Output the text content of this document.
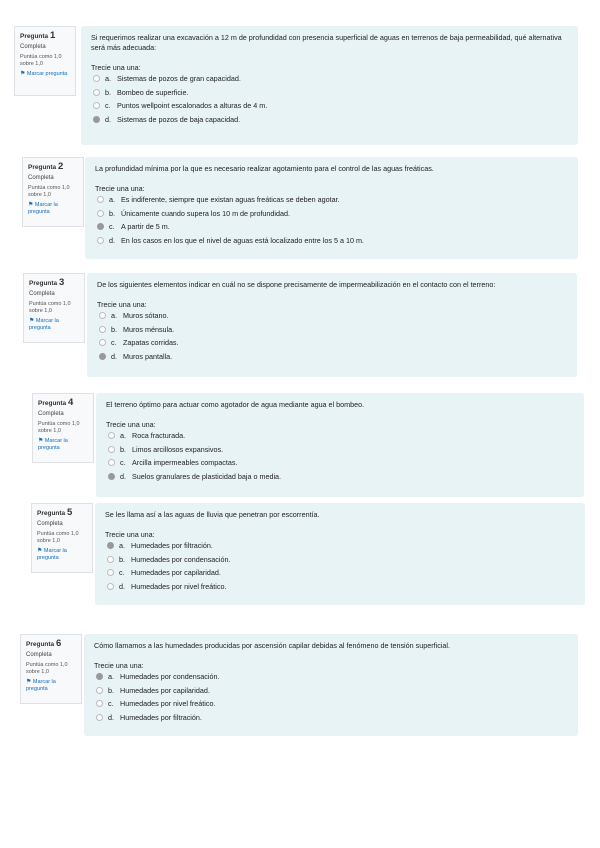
Pregunta 1
Completa
Puntúa como 1,0 sobre 1,0
⚑ Marcar pregunta
Si requerimos realizar una excavación a 12 m de profundidad con presencia superficial de aguas en terrenos de baja permeabilidad, qué alternativa será más adecuada:
Trecie una una:
a. Sistemas de pozos de gran capacidad.
b. Bombeo de superficie.
c. Puntos wellpoint escalonados a alturas de 4 m.
d. Sistemas de pozos de baja capacidad.
Pregunta 2
Completa
Puntúa como 1,0 sobre 1,0
⚑ Marcar la pregunta
La profundidad mínima por la que es necesario realizar agotamiento para el control de las aguas freáticas.
Trecie una una:
a. Es indiferente, siempre que existan aguas freáticas se deben agotar.
b. Únicamente cuando supera los 10 m de profundidad.
c. A partir de 5 m.
d. En los casos en los que el nivel de aguas está localizado entre los 5 a 10 m.
Pregunta 3
Completa
Puntúa como 1,0 sobre 1,0
⚑ Marcar la pregunta
De los siguientes elementos indicar en cuál no se dispone precisamente de impermeabilización en el contacto con el terreno:
Trecie una una:
a. Muros sótano.
b. Muros ménsula.
c. Zapatas corridas.
d. Muros pantalla.
Pregunta 4
Completa
Puntúa como 1,0 sobre 1,0
⚑ Marcar la pregunta
El terreno óptimo para actuar como agotador de agua mediante agua el bombeo.
Trecie una una:
a. Roca fracturada.
b. Limos arcillosos expansivos.
c. Arcilla impermeables compactas.
d. Suelos granulares de plasticidad baja o media.
Pregunta 5
Completa
Puntúa como 1,0 sobre 1,0
⚑ Marcar la pregunta
Se les llama así a las aguas de lluvia que penetran por escorrentía.
Trecie una una:
a. Humedades por filtración.
b. Humedades por condensación.
c. Humedades por capilaridad.
d. Humedades por nivel freático.
Pregunta 6
Completa
Puntúa como 1,0 sobre 1,0
⚑ Marcar la pregunta
Cómo llamamos a las humedades producidas por ascensión capilar debidas al fenómeno de tensión superficial.
Trecie una una:
a. Humedades por condensación.
b. Humedades por capilaridad.
c. Humedades por nivel freático.
d. Humedades por filtración.
